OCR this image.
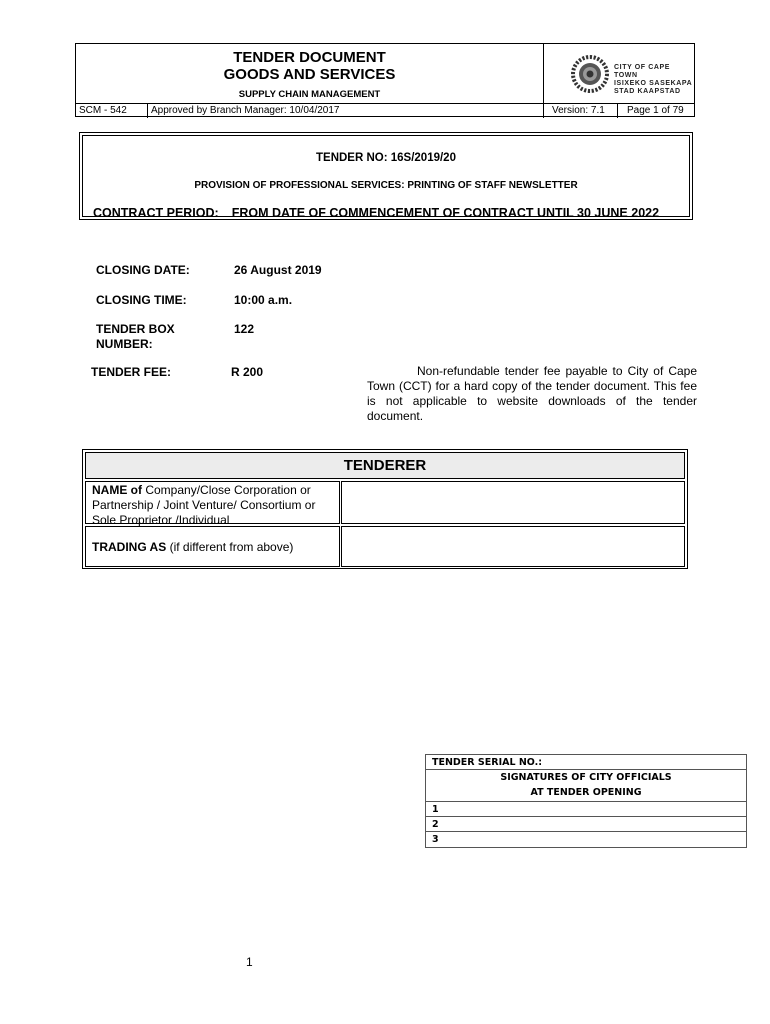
TENDER DOCUMENT
GOODS AND SERVICES
SUPPLY CHAIN MANAGEMENT
CITY OF CAPE TOWN
ISIXEKO SASEKAPA
STAD KAAPSTAD
SCM - 542	Approved by Branch Manager: 10/04/2017	Version: 7.1	Page 1 of 79
TENDER NO: 16S/2019/20
PROVISION OF PROFESSIONAL SERVICES: PRINTING OF STAFF NEWSLETTER
CONTRACT PERIOD: FROM DATE OF COMMENCEMENT OF CONTRACT UNTIL 30 JUNE 2022
CLOSING DATE:	26 August 2019
CLOSING TIME:	10:00 a.m.
TENDER BOX
NUMBER:
122
TENDER FEE:	R 200	Non-refundable tender fee payable to City of Cape Town (CCT) for a hard copy of the tender document. This fee is not applicable to website downloads of the tender document.
TENDERER
NAME of Company/Close Corporation or Partnership / Joint Venture/ Consortium or Sole Proprietor /Individual
TRADING AS (if different from above)
TENDER SERIAL NO.:
SIGNATURES OF CITY OFFICIALS
AT TENDER OPENING
1
2
3
1
